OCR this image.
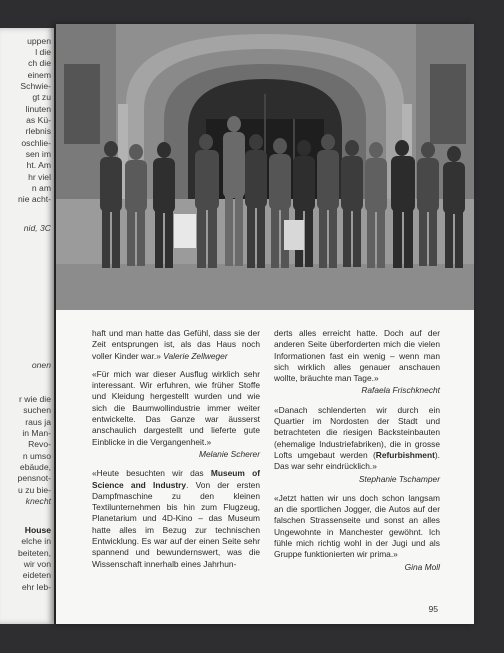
uppen
l die
ch die
einem
Schwie-
gt zu
linuten
as Kü-
rlebnis
oschlie-
sen im
ht. Am
hr viel
n am
nie acht-
nid, 3C
onen
r wie die
suchen
raus ja
in Man-
Revo-
n umso
ebäude,
pensnot-
u zu bie-
knecht
House
elche in
beiteten,
wir von
eideten
ehr leb-

haft und man hatte das Gefühl, dass sie der Zeit entsprungen ist, als das Haus noch voller Kinder war.» Valerie Zellweger

«Für mich war dieser Ausflug wirklich sehr interessant. Wir erfuhren, wie früher Stoffe und Kleidung hergestellt wurden und wie sich die Baumwollindustrie immer weiter entwickelte. Das Ganze war äusserst anschaulich dargestellt und lieferte gute Einblicke in die Vergangenheit.»

Melanie Scherer

«Heute besuchten wir das Museum of Science and Industry. Von der ersten Dampfmaschine zu den kleinen Textilunternehmen bis hin zum Flugzeug, Planetarium und 4D-Kino – das Museum hatte alles im Bezug zur technischen Entwicklung. Es war auf der einen Seite sehr spannend und bewundernswert, was die Wissenschaft innerhalb eines Jahrhun-

derts alles erreicht hatte. Doch auf der anderen Seite überforderten mich die vielen Informationen fast ein wenig – wenn man sich wirklich alles genauer anschauen wollte, bräuchte man Tage.»

Rafaela Frischknecht

«Danach schlenderten wir durch ein Quartier im Nordosten der Stadt und betrachteten die riesigen Backsteinbauten (ehemalige Industriefabriken), die in grosse Lofts umgebaut werden (Refurbishment). Das war sehr eindrücklich.»

Stephanie Tschamper

«Jetzt hatten wir uns doch schon langsam an die sportlichen Jogger, die Autos auf der falschen Strassenseite und sonst an alles Ungewohnte in Manchester gewöhnt. Ich fühle mich richtig wohl in der Jugi und als Gruppe funktionierten wir prima.»

Gina Moll

95
